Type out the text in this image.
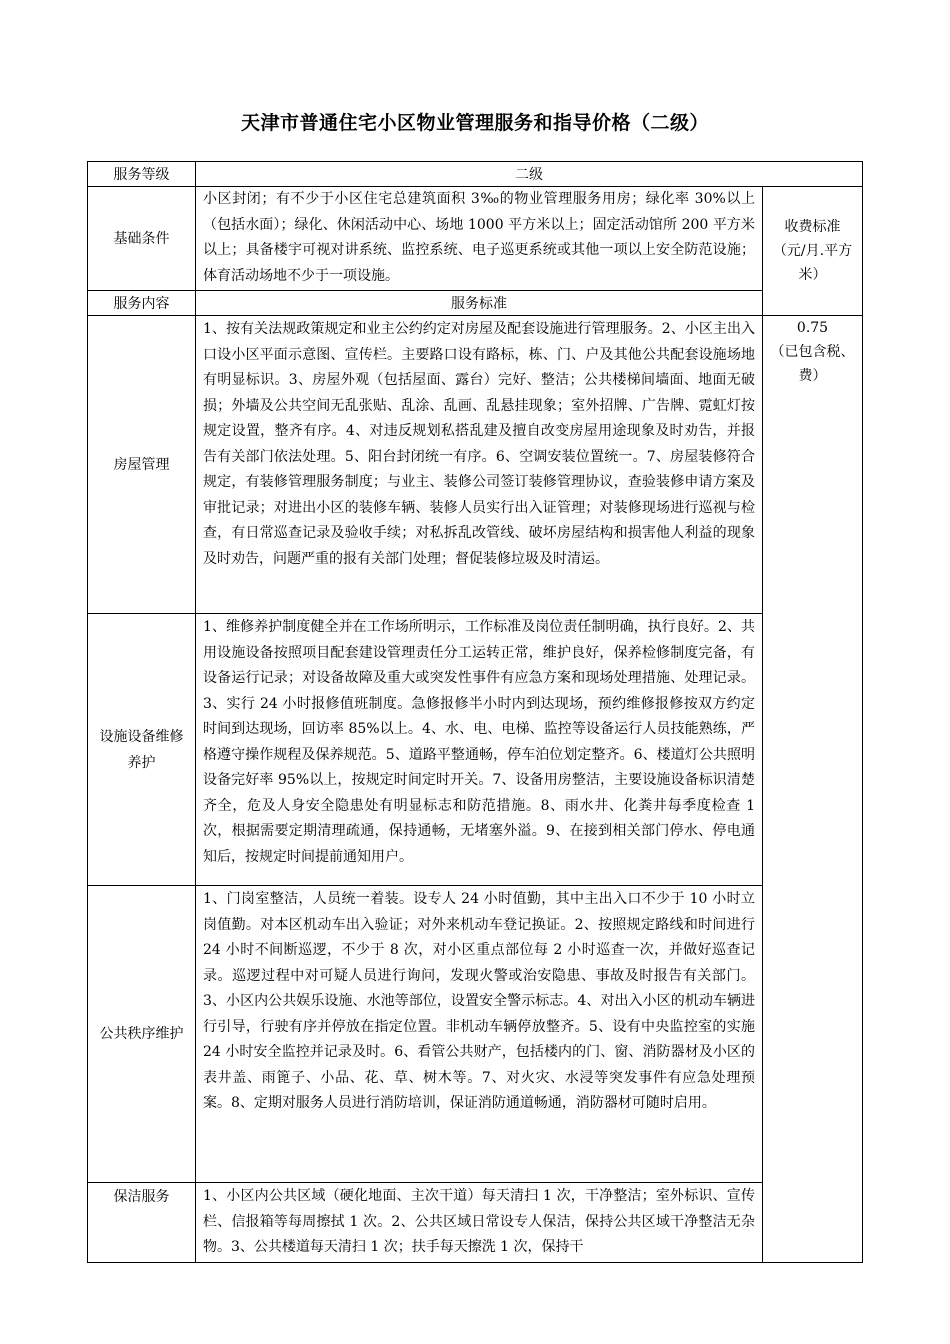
天津市普通住宅小区物业管理服务和指导价格（二级）
服务等级	二级	
基础条件	小区封闭；有不少于小区住宅总建筑面积 3‰的物业管理服务用房；绿化率 30%以上（包括水面）；绿化、休闲活动中心、场地 1000 平方米以上；固定活动馆所 200 平方米以上；具备楼宇可视对讲系统、监控系统、电子巡更系统或其他一项以上安全防范设施；体育活动场地不少于一项设施。	收费标准（元/月.平方米）
服务内容	服务标准	
房屋管理	1、按有关法规政策规定和业主公约约定对房屋及配套设施进行管理服务。2、小区主出入口设小区平面示意图、宣传栏。主要路口设有路标，栋、门、户及其他公共配套设施场地有明显标识。3、房屋外观（包括屋面、露台）完好、整洁；公共楼梯间墙面、地面无破损；外墙及公共空间无乱张贴、乱涂、乱画、乱悬挂现象；室外招牌、广告牌、霓虹灯按规定设置，整齐有序。4、对违反规划私搭乱建及擅自改变房屋用途现象及时劝告，并报告有关部门依法处理。5、阳台封闭统一有序。6、空调安装位置统一。7、房屋装修符合规定，有装修管理服务制度；与业主、装修公司签订装修管理协议，查验装修申请方案及审批记录；对进出小区的装修车辆、装修人员实行出入证管理；对装修现场进行巡视与检查，有日常巡查记录及验收手续；对私拆乱改管线、破坏房屋结构和损害他人利益的现象及时劝告，问题严重的报有关部门处理；督促装修垃圾及时清运。	0.75
（已包含税、费）

设施设备维修养护	1、维修养护制度健全并在工作场所明示，工作标准及岗位责任制明确，执行良好。2、共用设施设备按照项目配套建设管理责任分工运转正常，维护良好，保养检修制度完备，有设备运行记录；对设备故障及重大或突发性事件有应急方案和现场处理措施、处理记录。3、实行 24 小时报修值班制度。急修报修半小时内到达现场，预约维修报修按双方约定时间到达现场，回访率 85%以上。4、水、电、电梯、监控等设备运行人员技能熟练，严格遵守操作规程及保养规范。5、道路平整通畅，停车泊位划定整齐。6、楼道灯公共照明设备完好率 95%以上，按规定时间定时开关。7、设备用房整洁，主要设施设备标识清楚齐全，危及人身安全隐患处有明显标志和防范措施。8、雨水井、化粪井每季度检查 1 次，根据需要定期清理疏通，保持通畅，无堵塞外溢。9、在接到相关部门停水、停电通知后，按规定时间提前通知用户。	
公共秩序维护	1、门岗室整洁，人员统一着装。设专人 24 小时值勤，其中主出入口不少于 10 小时立岗值勤。对本区机动车出入验证；对外来机动车登记换证。2、按照规定路线和时间进行 24 小时不间断巡逻，不少于 8 次，对小区重点部位每 2 小时巡查一次，并做好巡查记录。巡逻过程中对可疑人员进行询问，发现火警或治安隐患、事故及时报告有关部门。3、小区内公共娱乐设施、水池等部位，设置安全警示标志。4、对出入小区的机动车辆进行引导，行驶有序并停放在指定位置。非机动车辆停放整齐。5、设有中央监控室的实施 24 小时安全监控并记录及时。6、看管公共财产，包括楼内的门、窗、消防器材及小区的表井盖、雨篦子、小品、花、草、树木等。7、对火灾、水浸等突发事件有应急处理预案。8、定期对服务人员进行消防培训，保证消防通道畅通，消防器材可随时启用。	
保洁服务	1、小区内公共区域（硬化地面、主次干道）每天清扫 1 次，干净整洁；室外标识、宣传栏、信报箱等每周擦拭 1 次。2、公共区域日常设专人保洁，保持公共区域干净整洁无杂物。3、公共楼道每天清扫 1 次；扶手每天擦洗 1 次，保持干	
